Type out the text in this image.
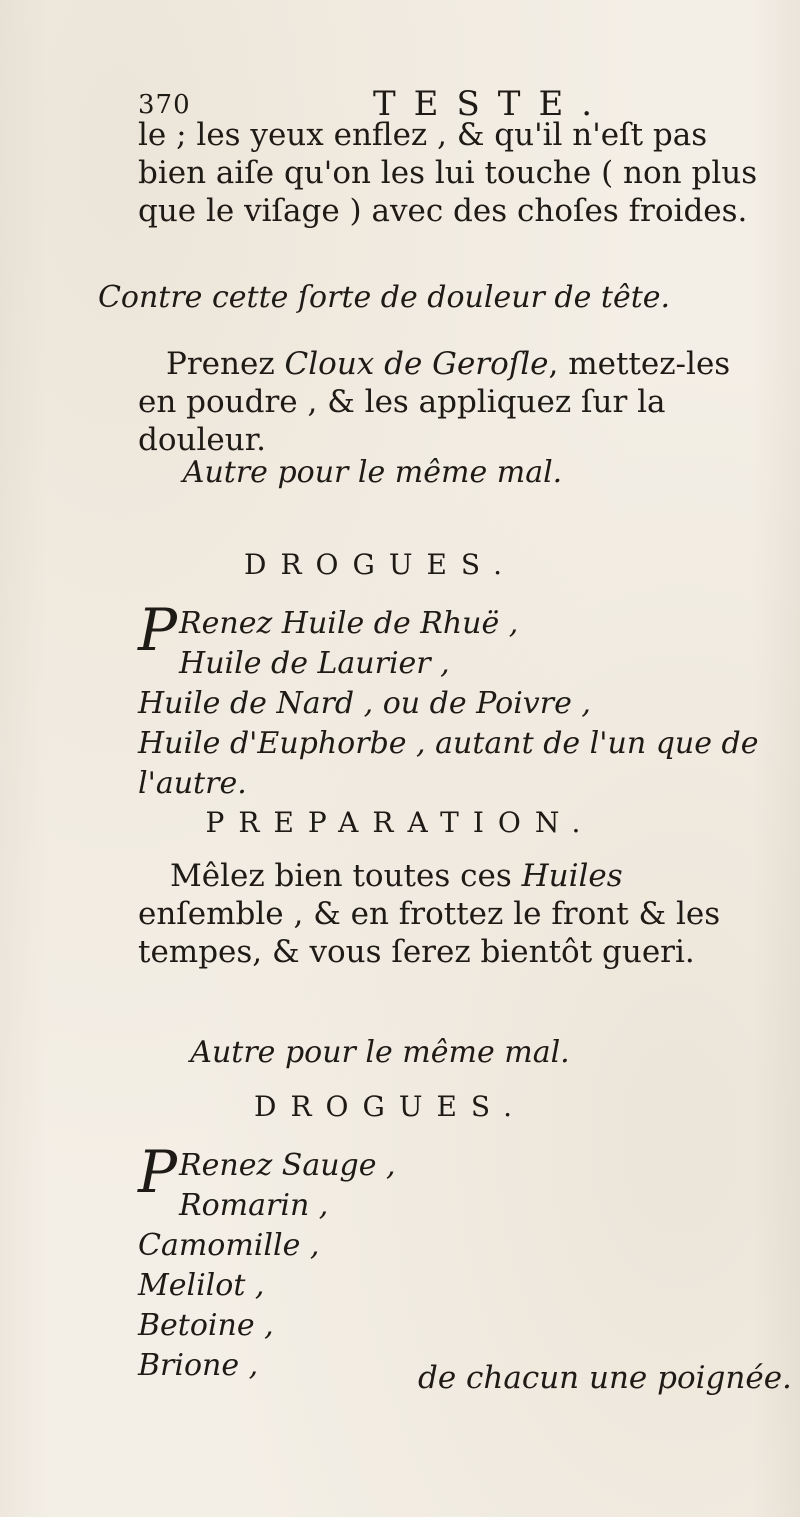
370	TESTE.
le ; les yeux enflez , & qu'il n'eſt pas bien aiſe qu'on les lui touche ( non plus que le viſage ) avec des choſes froides.
Contre cette ſorte de douleur de tête.
Prenez Cloux de Geroſle, mettez-les en poudre , & les appliquez ſur la douleur.
Autre pour le même mal.
DROGUES.
P Renez Huile de Rhuë ,
Huile de Laurier ,
Huile de Nard , ou de Poivre ,
Huile d'Euphorbe , autant de l'un que de
l'autre.
PREPARATION.
Mêlez bien toutes ces Huiles enſemble , & en frottez le front & les tempes, & vous ſerez bientôt gueri.
Autre pour le même mal.
DROGUES.
P Renez Sauge ,
Romarin ,
Camomille ,
Melilot ,
Betoine ,
Brione ,	de chacun une poignée.
